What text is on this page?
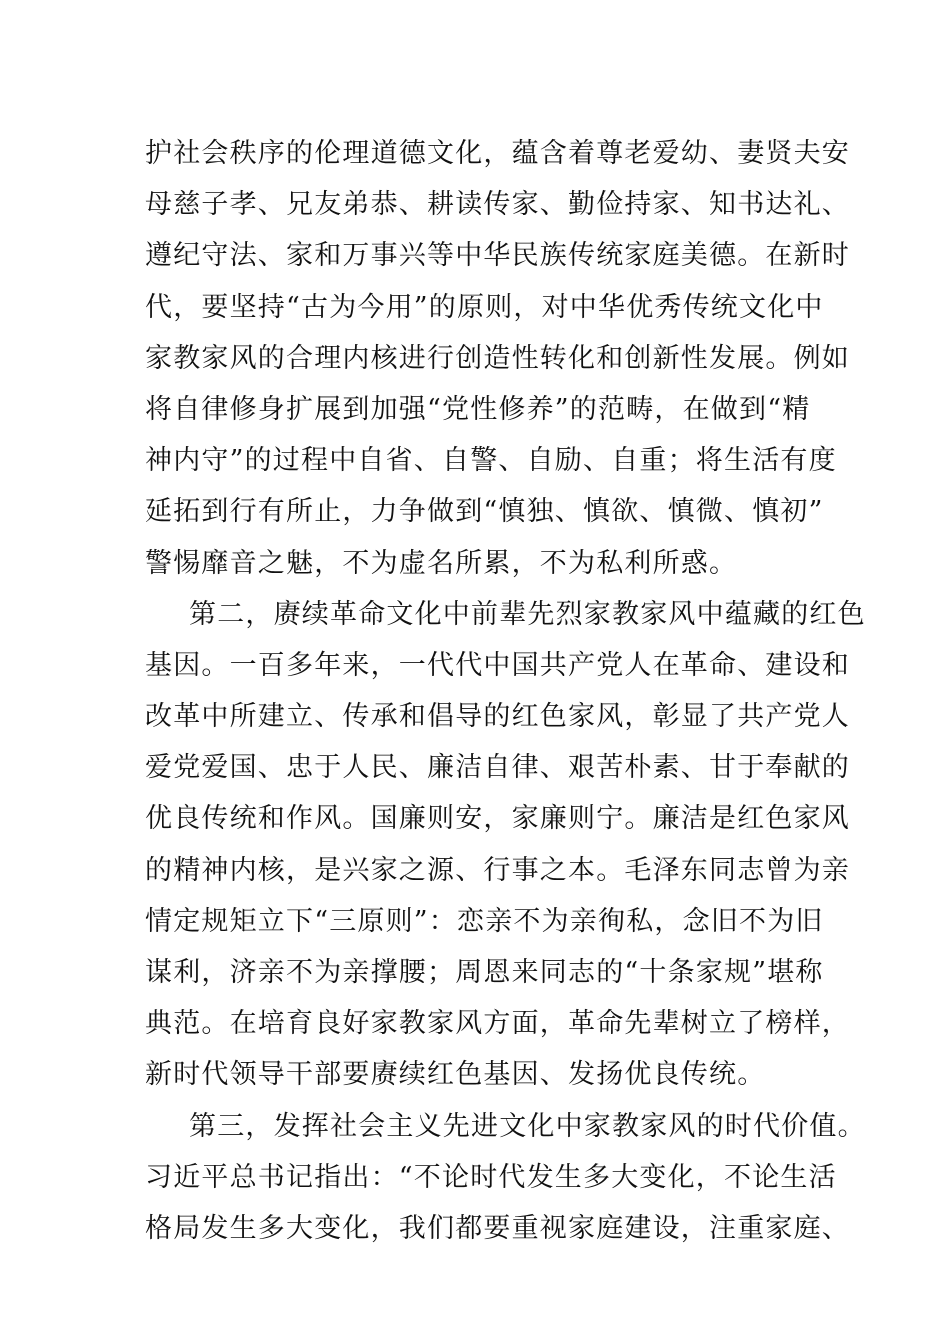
护社会秩序的伦理道德文化，蕴含着尊老爱幼、妻贤夫安
母慈子孝、兄友弟恭、耕读传家、勤俭持家、知书达礼、
遵纪守法、家和万事兴等中华民族传统家庭美德。在新时
代，要坚持“古为今用”的原则，对中华优秀传统文化中
家教家风的合理内核进行创造性转化和创新性发展。例如
将自律修身扩展到加强“党性修养”的范畴，在做到“精
神内守”的过程中自省、自警、自励、自重；将生活有度
延拓到行有所止，力争做到“慎独、慎欲、慎微、慎初”
警惕靡音之魅，不为虚名所累，不为私利所惑。
第二，赓续革命文化中前辈先烈家教家风中蕴藏的红色
基因。一百多年来，一代代中国共产党人在革命、建设和
改革中所建立、传承和倡导的红色家风，彰显了共产党人
爱党爱国、忠于人民、廉洁自律、艰苦朴素、甘于奉献的
优良传统和作风。国廉则安，家廉则宁。廉洁是红色家风
的精神内核，是兴家之源、行事之本。毛泽东同志曾为亲
情定规矩立下“三原则”：恋亲不为亲徇私，念旧不为旧
谋利，济亲不为亲撑腰；周恩来同志的“十条家规”堪称
典范。在培育良好家教家风方面，革命先辈树立了榜样，
新时代领导干部要赓续红色基因、发扬优良传统。
第三，发挥社会主义先进文化中家教家风的时代价值。
习近平总书记指出：“不论时代发生多大变化，不论生活
格局发生多大变化，我们都要重视家庭建设，注重家庭、
